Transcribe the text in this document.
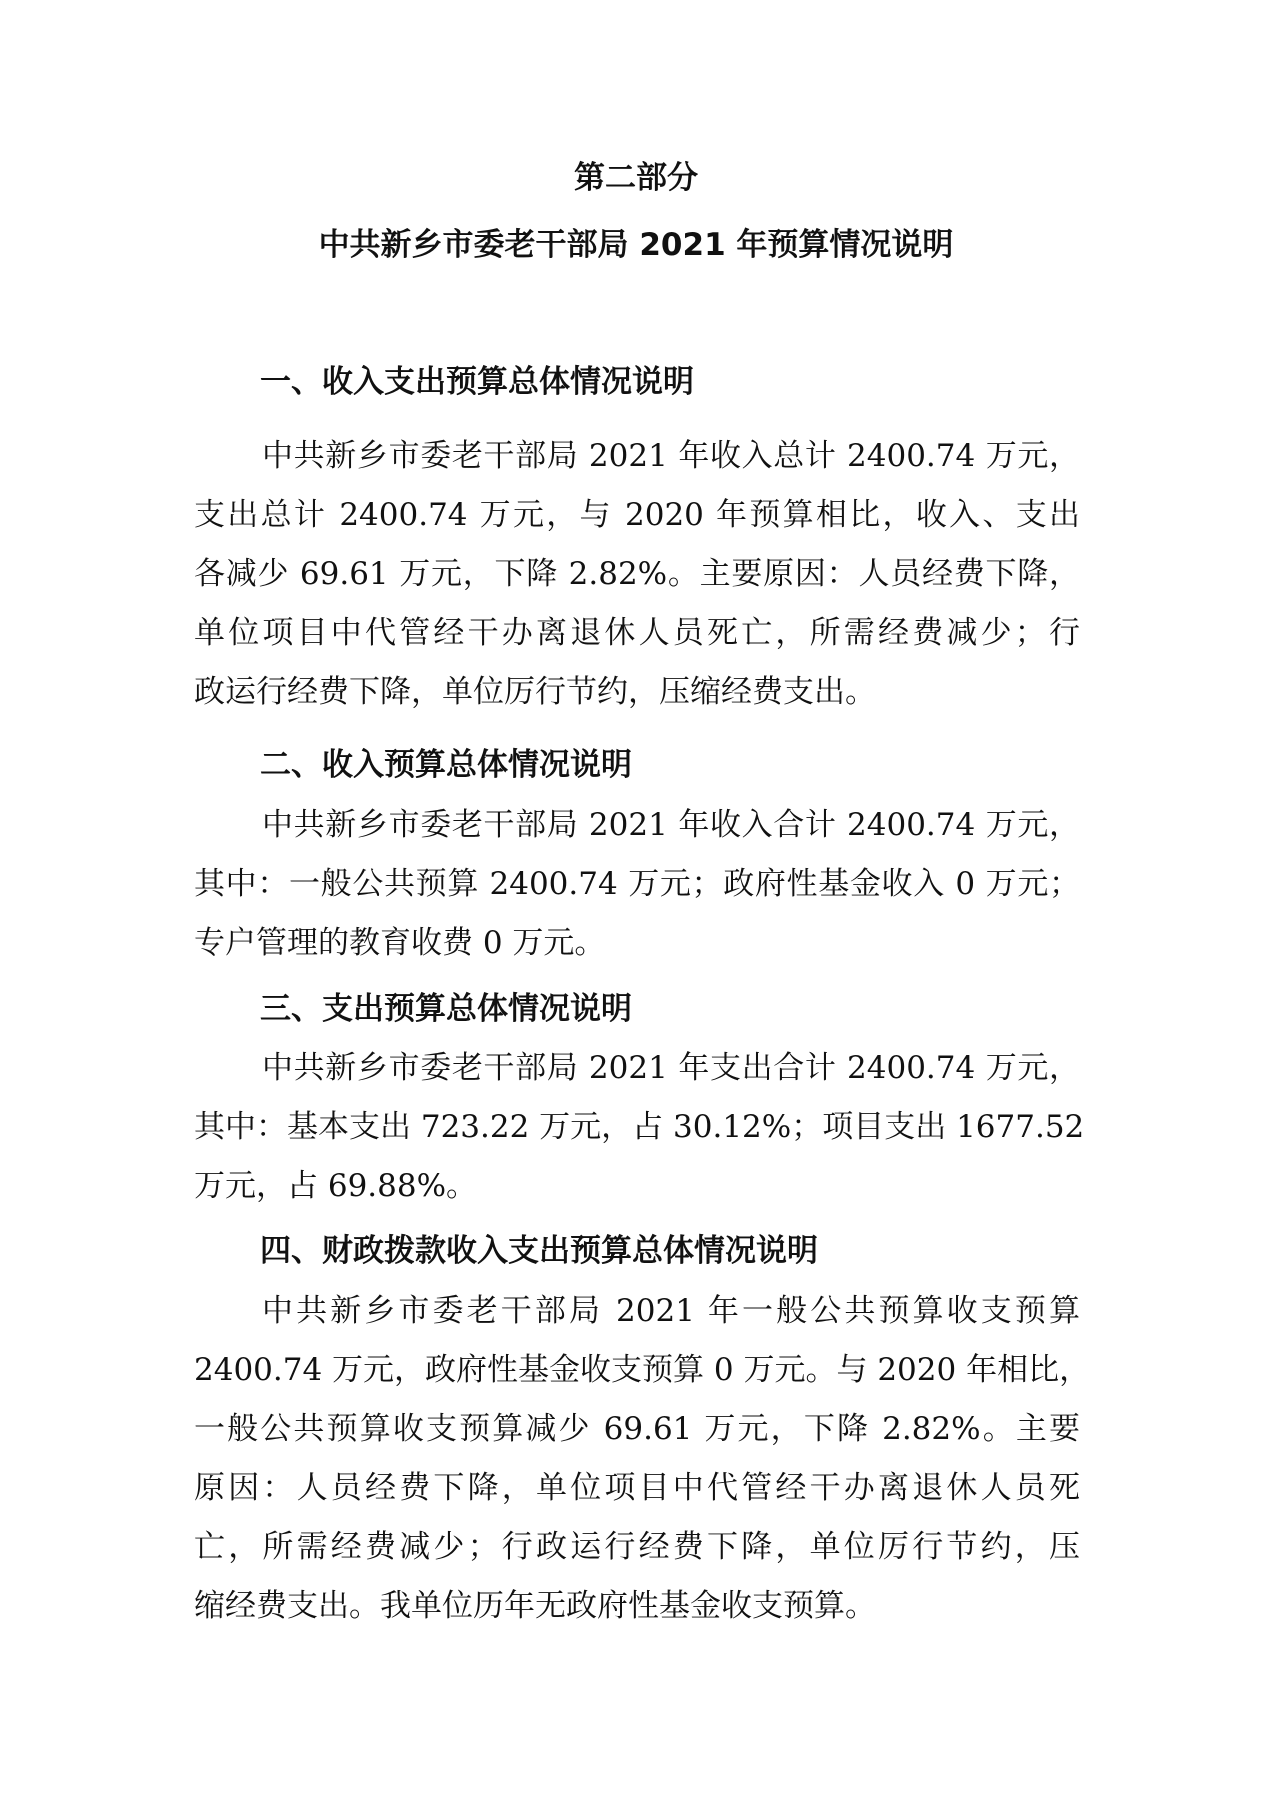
第二部分
中共新乡市委老干部局 2021 年预算情况说明
一、收入支出预算总体情况说明
中共新乡市委老干部局 2021 年收入总计 2400.74 万元，
支出总计 2400.74 万元，与 2020 年预算相比，收入、支出
各减少 69.61 万元，下降 2.82%。主要原因：人员经费下降，
单位项目中代管经干办离退休人员死亡，所需经费减少；行
政运行经费下降，单位厉行节约，压缩经费支出。
二、收入预算总体情况说明
中共新乡市委老干部局 2021 年收入合计 2400.74 万元，
其中：一般公共预算 2400.74 万元；政府性基金收入 0 万元；
专户管理的教育收费 0 万元。
三、支出预算总体情况说明
中共新乡市委老干部局 2021 年支出合计 2400.74 万元，
其中：基本支出 723.22 万元，占 30.12%；项目支出 1677.52
万元，占 69.88%。
四、财政拨款收入支出预算总体情况说明
中共新乡市委老干部局 2021 年一般公共预算收支预算
2400.74 万元，政府性基金收支预算 0 万元。与 2020 年相比，
一般公共预算收支预算减少 69.61 万元，下降 2.82%。主要
原因：人员经费下降，单位项目中代管经干办离退休人员死
亡，所需经费减少；行政运行经费下降，单位厉行节约，压
缩经费支出。我单位历年无政府性基金收支预算。
